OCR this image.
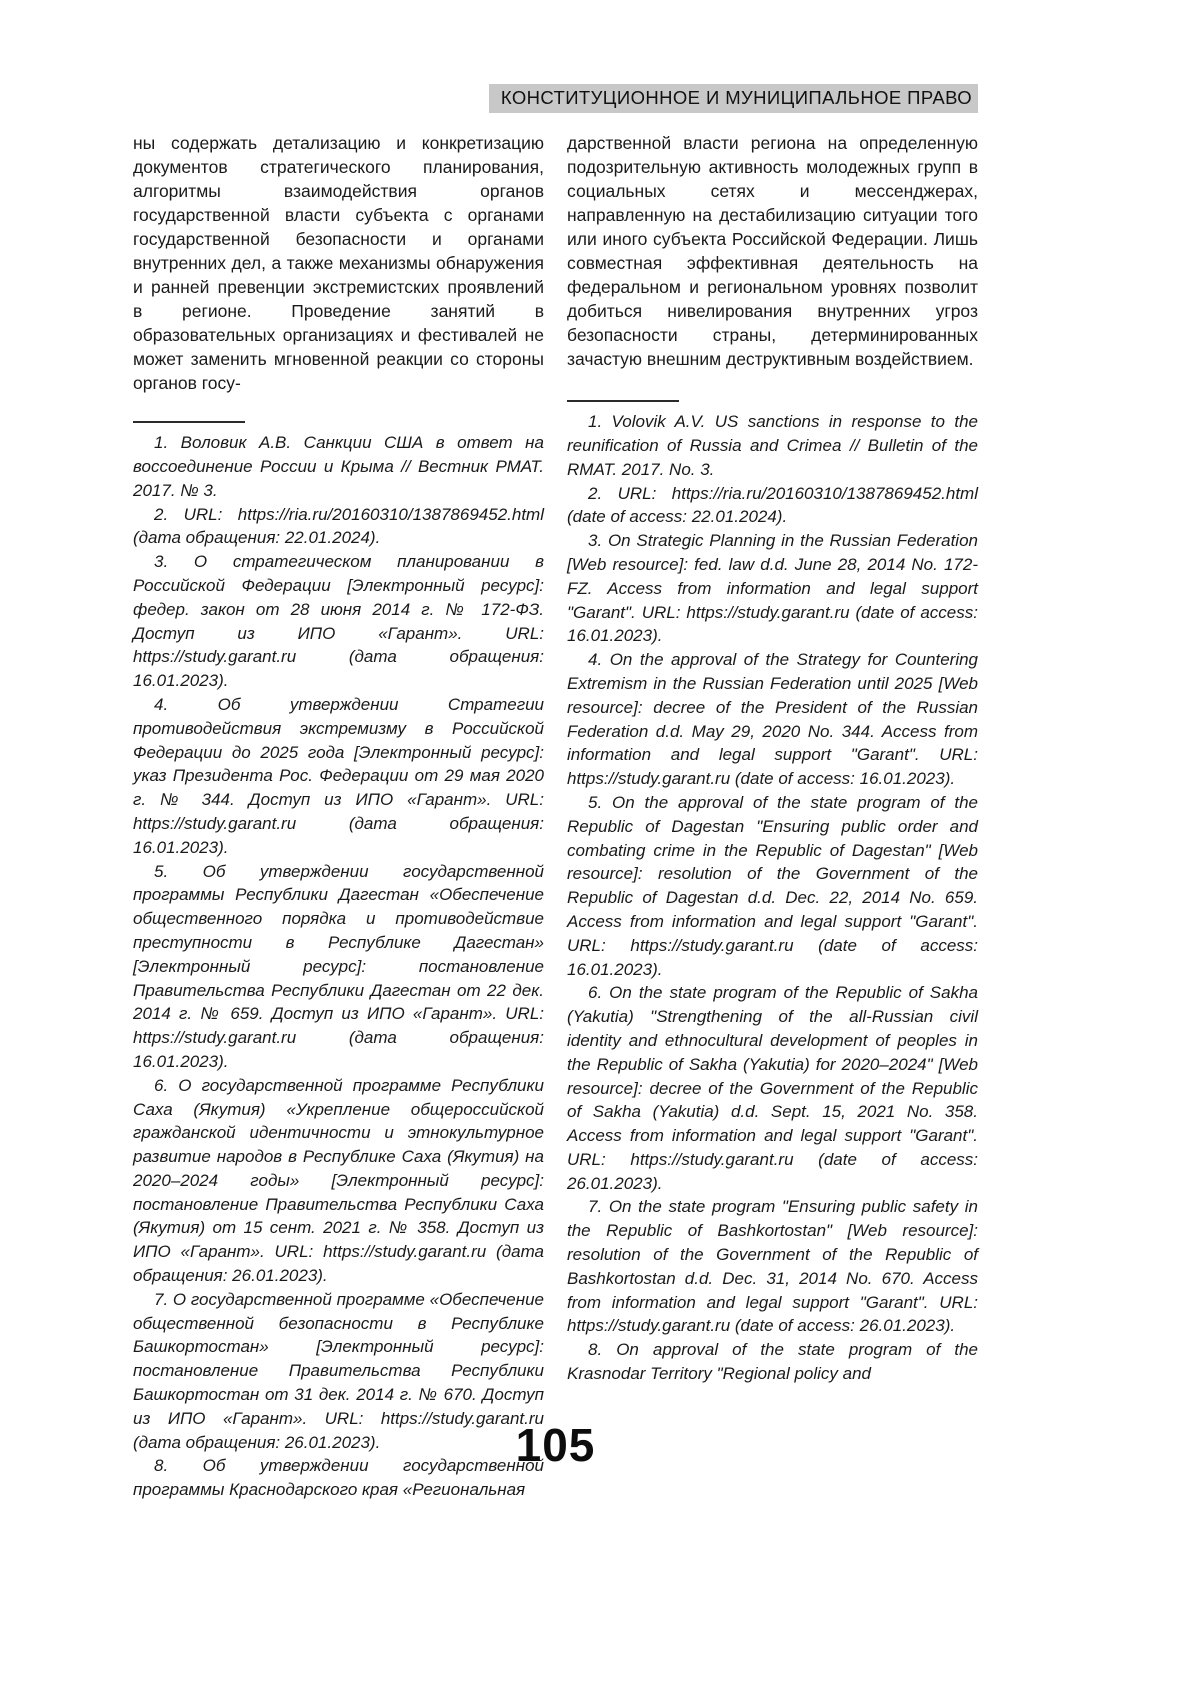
КОНСТИТУЦИОННОЕ И МУНИЦИПАЛЬНОЕ ПРАВО
ны содержать детализацию и конкретизацию документов стратегического планирования, алгоритмы взаимодействия органов государственной власти субъекта с органами государственной безопасности и органами внутренних дел, а также механизмы обнаружения и ранней превенции экстремистских проявлений в регионе. Проведение занятий в образовательных организациях и фестивалей не может заменить мгновенной реакции со стороны органов госу-

1. Воловик А.В. Санкции США в ответ на воссоединение России и Крыма // Вестник РМАТ. 2017. № 3.

2. URL: https://ria.ru/20160310/1387869452.html (дата обращения: 22.01.2024).

3. О стратегическом планировании в Российской Федерации [Электронный ресурс]: федер. закон от 28 июня 2014 г. № 172-ФЗ. Доступ из ИПО «Гарант». URL: https://study.garant.ru (дата обращения: 16.01.2023).

4. Об утверждении Стратегии противодействия экстремизму в Российской Федерации до 2025 года [Электронный ресурс]: указ Президента Рос. Федерации от 29 мая 2020 г. № 344. Доступ из ИПО «Гарант». URL: https://study.garant.ru (дата обращения: 16.01.2023).

5. Об утверждении государственной программы Республики Дагестан «Обеспечение общественного порядка и противодействие преступности в Республике Дагестан» [Электронный ресурс]: постановление Правительства Республики Дагестан от 22 дек. 2014 г. № 659. Доступ из ИПО «Гарант». URL: https://study.garant.ru (дата обращения: 16.01.2023).

6. О государственной программе Республики Саха (Якутия) «Укрепление общероссийской гражданской идентичности и этнокультурное развитие народов в Республике Саха (Якутия) на 2020–2024 годы» [Электронный ресурс]: постановление Правительства Республики Саха (Якутия) от 15 сент. 2021 г. № 358. Доступ из ИПО «Гарант». URL: https://study.garant.ru (дата обращения: 26.01.2023).

7. О государственной программе «Обеспечение общественной безопасности в Республике Башкортостан» [Электронный ресурс]: постановление Правительства Республики Башкортостан от 31 дек. 2014 г. № 670. Доступ из ИПО «Гарант». URL: https://study.garant.ru (дата обращения: 26.01.2023).

8. Об утверждении государственной программы Краснодарского края «Региональная

дарственной власти региона на определенную подозрительную активность молодежных групп в социальных сетях и мессенджерах, направленную на дестабилизацию ситуации того или иного субъекта Российской Федерации. Лишь совместная эффективная деятельность на федеральном и региональном уровнях позволит добиться нивелирования внутренних угроз безопасности страны, детерминированных зачастую внешним деструктивным воздействием.

1. Volovik A.V. US sanctions in response to the reunification of Russia and Crimea // Bulletin of the RMAT. 2017. No. 3.

2. URL: https://ria.ru/20160310/1387869452.html (date of access: 22.01.2024).

3. On Strategic Planning in the Russian Federation [Web resource]: fed. law d.d. June 28, 2014 No. 172-FZ. Access from information and legal support "Garant". URL: https://study.garant.ru (date of access: 16.01.2023).

4. On the approval of the Strategy for Countering Extremism in the Russian Federation until 2025 [Web resource]: decree of the President of the Russian Federation d.d. May 29, 2020 No. 344. Access from information and legal support "Garant". URL: https://study.garant.ru (date of access: 16.01.2023).

5. On the approval of the state program of the Republic of Dagestan "Ensuring public order and combating crime in the Republic of Dagestan" [Web resource]: resolution of the Government of the Republic of Dagestan d.d. Dec. 22, 2014 No. 659. Access from information and legal support "Garant". URL: https://study.garant.ru (date of access: 16.01.2023).

6. On the state program of the Republic of Sakha (Yakutia) "Strengthening of the all-Russian civil identity and ethnocultural development of peoples in the Republic of Sakha (Yakutia) for 2020–2024" [Web resource]: decree of the Government of the Republic of Sakha (Yakutia) d.d. Sept. 15, 2021 No. 358. Access from information and legal support "Garant". URL: https://study.garant.ru (date of access: 26.01.2023).

7. On the state program "Ensuring public safety in the Republic of Bashkortostan" [Web resource]: resolution of the Government of the Republic of Bashkortostan d.d. Dec. 31, 2014 No. 670. Access from information and legal support "Garant". URL: https://study.garant.ru (date of access: 26.01.2023).

8. On approval of the state program of the Krasnodar Territory "Regional policy and

105
